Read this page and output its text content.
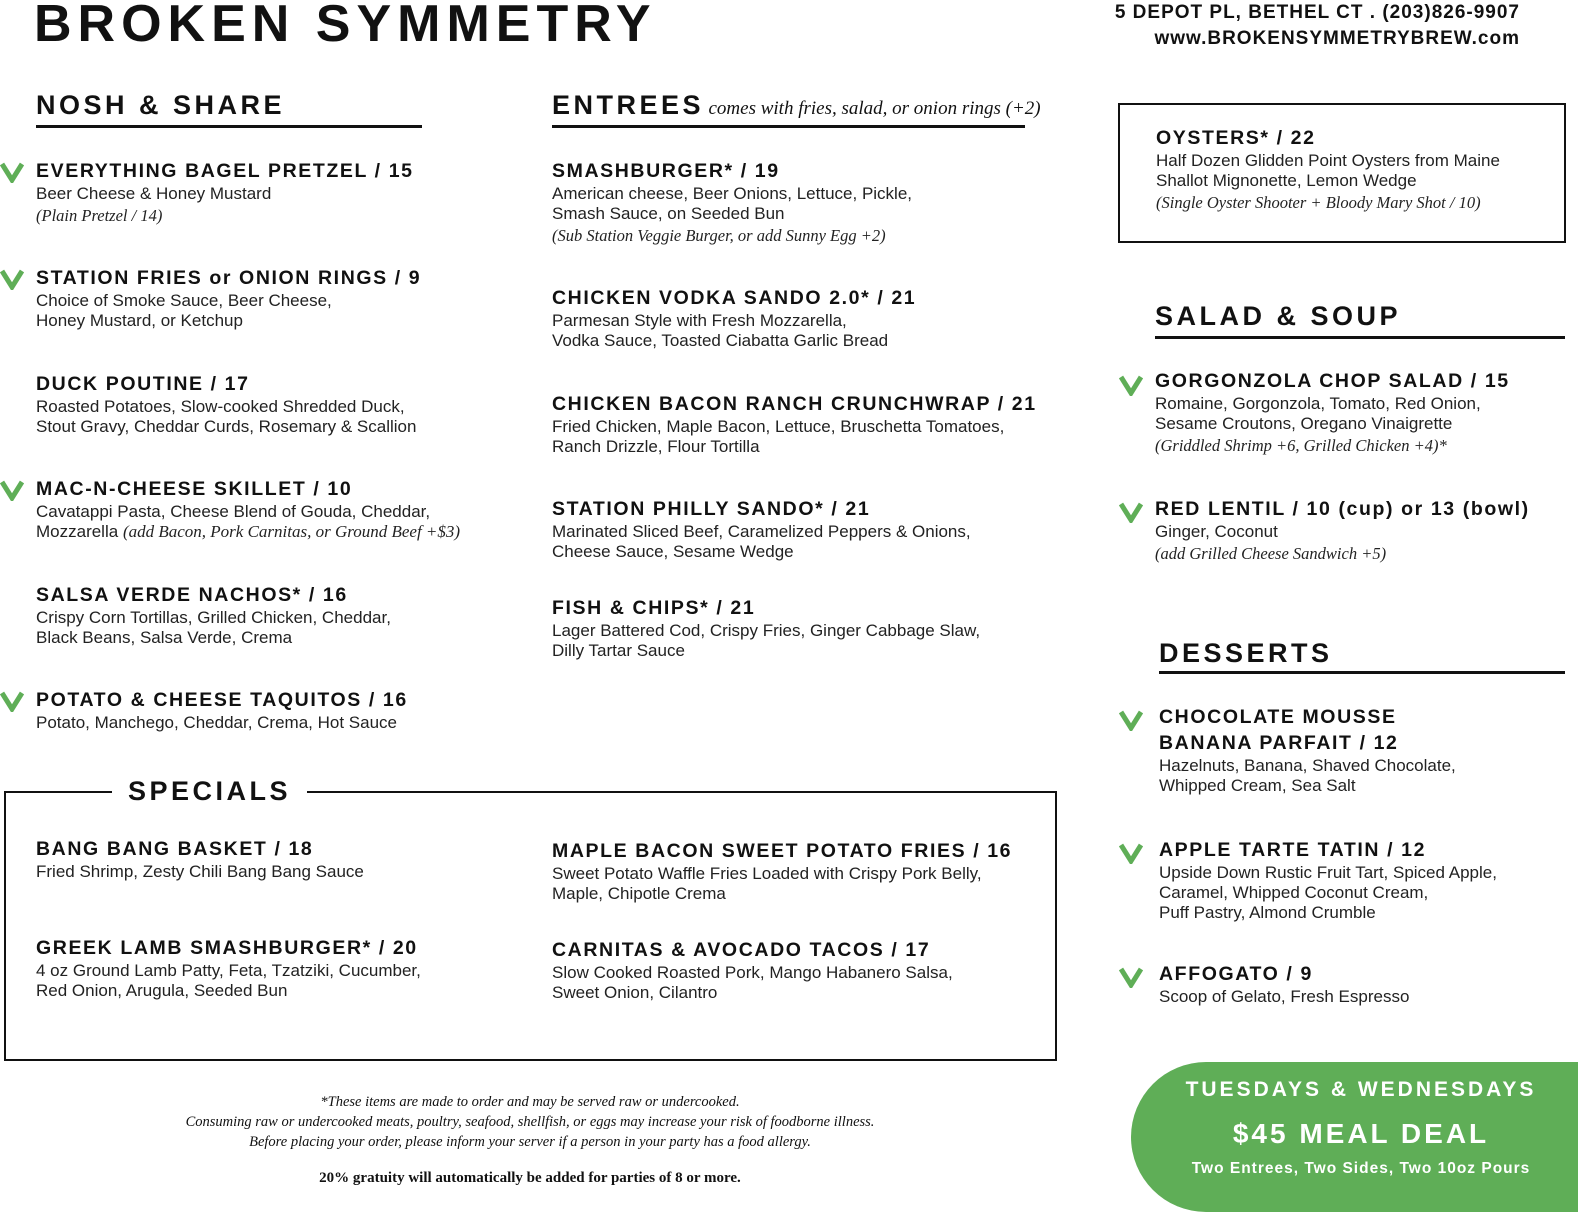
BROKEN SYMMETRY	5 DEPOT PL, BETHEL CT . (203)826-9907
www.BROKENSYMMETRYBREW.com
NOSH & SHARE
EVERYTHING BAGEL PRETZEL / 15
Beer Cheese & Honey Mustard
(Plain Pretzel / 14)
STATION FRIES or ONION RINGS / 9
Choice of Smoke Sauce, Beer Cheese,
Honey Mustard, or Ketchup
DUCK POUTINE / 17
Roasted Potatoes, Slow-cooked Shredded Duck,
Stout Gravy, Cheddar Curds, Rosemary & Scallion
MAC-N-CHEESE SKILLET / 10
Cavatappi Pasta, Cheese Blend of Gouda, Cheddar,
Mozzarella (add Bacon, Pork Carnitas, or Ground Beef +$3)
SALSA VERDE NACHOS* / 16
Crispy Corn Tortillas, Grilled Chicken, Cheddar,
Black Beans, Salsa Verde, Crema
POTATO & CHEESE TAQUITOS / 16
Potato, Manchego, Cheddar, Crema, Hot Sauce
ENTREES comes with fries, salad, or onion rings (+2)
SMASHBURGER* / 19
American cheese, Beer Onions, Lettuce, Pickle,
Smash Sauce, on Seeded Bun
(Sub Station Veggie Burger, or add Sunny Egg +2)
CHICKEN VODKA SANDO 2.0* / 21
Parmesan Style with Fresh Mozzarella,
Vodka Sauce, Toasted Ciabatta Garlic Bread
CHICKEN BACON RANCH CRUNCHWRAP / 21
Fried Chicken, Maple Bacon, Lettuce, Bruschetta Tomatoes,
Ranch Drizzle, Flour Tortilla
STATION PHILLY SANDO* / 21
Marinated Sliced Beef, Caramelized Peppers & Onions,
Cheese Sauce, Sesame Wedge
FISH & CHIPS* / 21
Lager Battered Cod, Crispy Fries, Ginger Cabbage Slaw,
Dilly Tartar Sauce
OYSTERS* / 22
Half Dozen Glidden Point Oysters from Maine
Shallot Mignonette, Lemon Wedge
(Single Oyster Shooter + Bloody Mary Shot / 10)
SALAD & SOUP
GORGONZOLA CHOP SALAD / 15
Romaine, Gorgonzola, Tomato, Red Onion,
Sesame Croutons, Oregano Vinaigrette
(Griddled Shrimp +6, Grilled Chicken +4)*
RED LENTIL / 10 (cup) or 13 (bowl)
Ginger, Coconut
(add Grilled Cheese Sandwich +5)
DESSERTS
CHOCOLATE MOUSSE
BANANA PARFAIT / 12
Hazelnuts, Banana, Shaved Chocolate,
Whipped Cream, Sea Salt
APPLE TARTE TATIN / 12
Upside Down Rustic Fruit Tart, Spiced Apple,
Caramel, Whipped Coconut Cream,
Puff Pastry, Almond Crumble
AFFOGATO / 9
Scoop of Gelato, Fresh Espresso
SPECIALS
BANG BANG BASKET / 18
Fried Shrimp, Zesty Chili Bang Bang Sauce
GREEK LAMB SMASHBURGER* / 20
4 oz Ground Lamb Patty, Feta, Tzatziki, Cucumber,
Red Onion, Arugula, Seeded Bun
MAPLE BACON SWEET POTATO FRIES / 16
Sweet Potato Waffle Fries Loaded with Crispy Pork Belly,
Maple, Chipotle Crema
CARNITAS & AVOCADO TACOS / 17
Slow Cooked Roasted Pork, Mango Habanero Salsa,
Sweet Onion, Cilantro
*These items are made to order and may be served raw or undercooked.
Consuming raw or undercooked meats, poultry, seafood, shellfish, or eggs may increase your risk of foodborne illness.
Before placing your order, please inform your server if a person in your party has a food allergy.
20% gratuity will automatically be added for parties of 8 or more.
TUESDAYS & WEDNESDAYS
$45 MEAL DEAL
Two Entrees, Two Sides, Two 10oz Pours
